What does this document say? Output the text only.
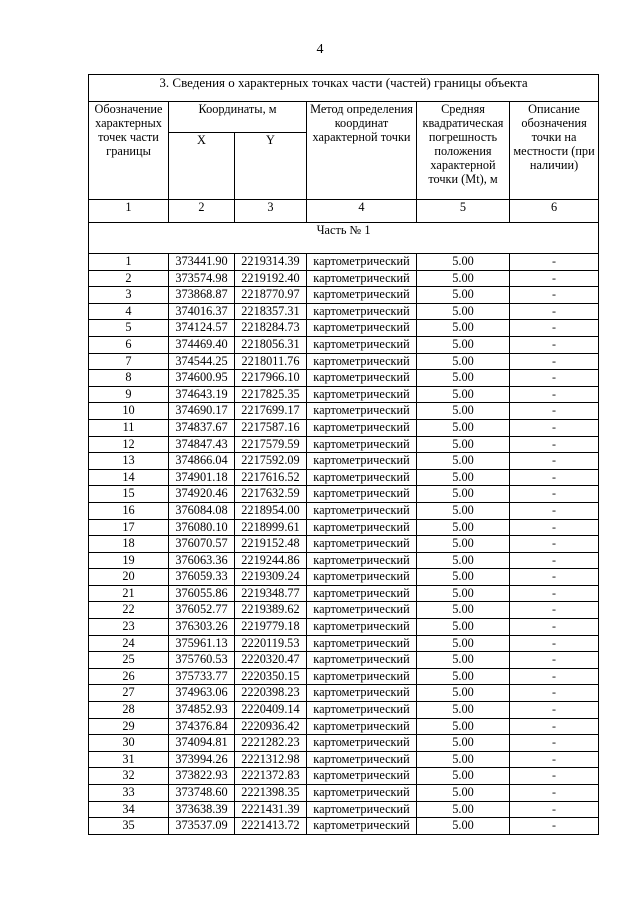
4
3. Сведения о характерных точках части (частей) границы объекта					
Обозначение характерных точек части границы	Координаты, м		Метод определения координат характерной точки	Средняя квадратическая погрешность положения характерной точки (Mt), м	Описание обозначения точки на местности (при наличии)
	X	Y			
1	2	3	4	5	6
Часть № 1					
1	373441.90	2219314.39	картометрический	5.00	-
2	373574.98	2219192.40	картометрический	5.00	-
3	373868.87	2218770.97	картометрический	5.00	-
4	374016.37	2218357.31	картометрический	5.00	-
5	374124.57	2218284.73	картометрический	5.00	-
6	374469.40	2218056.31	картометрический	5.00	-
7	374544.25	2218011.76	картометрический	5.00	-
8	374600.95	2217966.10	картометрический	5.00	-
9	374643.19	2217825.35	картометрический	5.00	-
10	374690.17	2217699.17	картометрический	5.00	-
11	374837.67	2217587.16	картометрический	5.00	-
12	374847.43	2217579.59	картометрический	5.00	-
13	374866.04	2217592.09	картометрический	5.00	-
14	374901.18	2217616.52	картометрический	5.00	-
15	374920.46	2217632.59	картометрический	5.00	-
16	376084.08	2218954.00	картометрический	5.00	-
17	376080.10	2218999.61	картометрический	5.00	-
18	376070.57	2219152.48	картометрический	5.00	-
19	376063.36	2219244.86	картометрический	5.00	-
20	376059.33	2219309.24	картометрический	5.00	-
21	376055.86	2219348.77	картометрический	5.00	-
22	376052.77	2219389.62	картометрический	5.00	-
23	376303.26	2219779.18	картометрический	5.00	-
24	375961.13	2220119.53	картометрический	5.00	-
25	375760.53	2220320.47	картометрический	5.00	-
26	375733.77	2220350.15	картометрический	5.00	-
27	374963.06	2220398.23	картометрический	5.00	-
28	374852.93	2220409.14	картометрический	5.00	-
29	374376.84	2220936.42	картометрический	5.00	-
30	374094.81	2221282.23	картометрический	5.00	-
31	373994.26	2221312.98	картометрический	5.00	-
32	373822.93	2221372.83	картометрический	5.00	-
33	373748.60	2221398.35	картометрический	5.00	-
34	373638.39	2221431.39	картометрический	5.00	-
35	373537.09	2221413.72	картометрический	5.00	-
